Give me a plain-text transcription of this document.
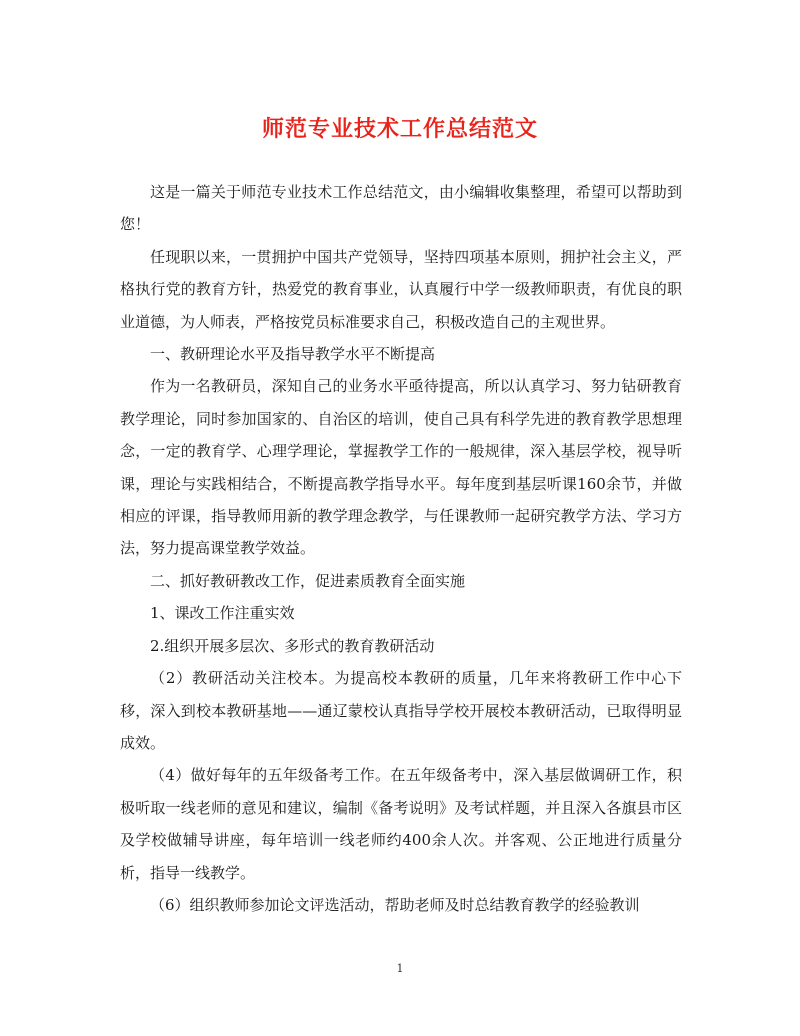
师范专业技术工作总结范文

这是一篇关于师范专业技术工作总结范文，由小编辑收集整理，希望可以帮助到您！

任现职以来，一贯拥护中国共产党领导，坚持四项基本原则，拥护社会主义，严格执行党的教育方针，热爱党的教育事业，认真履行中学一级教师职责，有优良的职业道德，为人师表，严格按党员标准要求自己，积极改造自己的主观世界。

一、教研理论水平及指导教学水平不断提高

作为一名教研员，深知自己的业务水平亟待提高，所以认真学习、努力钻研教育教学理论，同时参加国家的、自治区的培训，使自己具有科学先进的教育教学思想理念，一定的教育学、心理学理论，掌握教学工作的一般规律，深入基层学校，视导听课，理论与实践相结合，不断提高教学指导水平。每年度到基层听课160余节，并做相应的评课，指导教师用新的教学理念教学，与任课教师一起研究教学方法、学习方法，努力提高课堂教学效益。

二、抓好教研教改工作，促进素质教育全面实施

1、课改工作注重实效

2.组织开展多层次、多形式的教育教研活动

（2）教研活动关注校本。为提高校本教研的质量，几年来将教研工作中心下移，深入到校本教研基地——通辽蒙校认真指导学校开展校本教研活动，已取得明显成效。

（4）做好每年的五年级备考工作。在五年级备考中，深入基层做调研工作，积极听取一线老师的意见和建议，编制《备考说明》及考试样题，并且深入各旗县市区及学校做辅导讲座，每年培训一线老师约400余人次。并客观、公正地进行质量分析，指导一线教学。

（6）组织教师参加论文评选活动，帮助老师及时总结教育教学的经验教训

1
